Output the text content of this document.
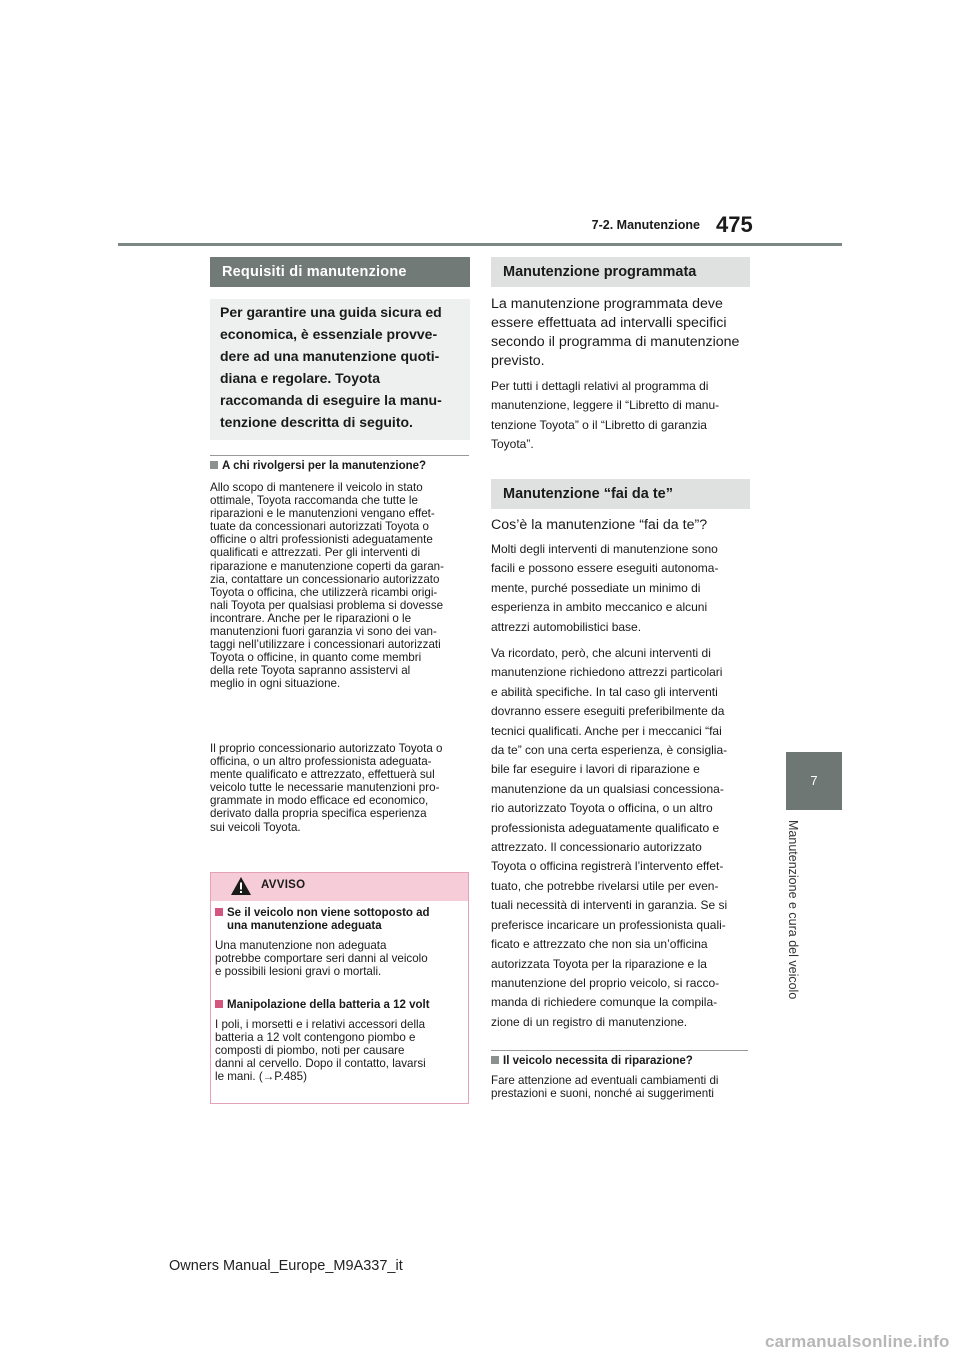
7-2. Manutenzione 475
7
Manutenzione e cura del veicolo
Requisiti di manutenzione

Per garantire una guida sicura ed

economica, è essenziale provve-

dere ad una manutenzione quoti-

diana e regolare. Toyota

raccomanda di eseguire la manu-

tenzione descritta di seguito.

A chi rivolgersi per la manutenzione?
Allo scopo di mantenere il veicolo in stato
ottimale, Toyota raccomanda che tutte le
riparazioni e le manutenzioni vengano effet-
tuate da concessionari autorizzati Toyota o
officine o altri professionisti adeguatamente
qualificati e attrezzati. Per gli interventi di
riparazione e manutenzione coperti da garan-
zia, contattare un concessionario autorizzato
Toyota o officina, che utilizzerà ricambi origi-
nali Toyota per qualsiasi problema si dovesse
incontrare. Anche per le riparazioni o le
manutenzioni fuori garanzia vi sono dei van-
taggi nell’utilizzare i concessionari autorizzati
Toyota o officine, in quanto come membri
della rete Toyota sapranno assistervi al
meglio in ogni situazione.
Il proprio concessionario autorizzato Toyota o
officina, o un altro professionista adeguata-
mente qualificato e attrezzato, effettuerà sul
veicolo tutte le necessarie manutenzioni pro-
grammate in modo efficace ed economico,
derivato dalla propria specifica esperienza
sui veicoli Toyota.
AVVISO
Se il veicolo non viene sottoposto ad
una manutenzione adeguata
Una manutenzione non adeguata
potrebbe comportare seri danni al veicolo
e possibili lesioni gravi o mortali.
Manipolazione della batteria a 12 volt
I poli, i morsetti e i relativi accessori della
batteria a 12 volt contengono piombo e
composti di piombo, noti per causare
danni al cervello. Dopo il contatto, lavarsi
le mani. (→P.485)
Manutenzione programmata
La manutenzione programmata deve
essere effettuata ad intervalli specifici
secondo il programma di manutenzione
previsto.
Per tutti i dettagli relativi al programma di
manutenzione, leggere il “Libretto di manu-
tenzione Toyota” o il “Libretto di garanzia
Toyota”.
Manutenzione “fai da te”
Cos’è la manutenzione “fai da te”?
Molti degli interventi di manutenzione sono
facili e possono essere eseguiti autonoma-
mente, purché possediate un minimo di
esperienza in ambito meccanico e alcuni
attrezzi automobilistici base.
Va ricordato, però, che alcuni interventi di
manutenzione richiedono attrezzi particolari
e abilità specifiche. In tal caso gli interventi
dovranno essere eseguiti preferibilmente da
tecnici qualificati. Anche per i meccanici “fai
da te” con una certa esperienza, è consiglia-
bile far eseguire i lavori di riparazione e
manutenzione da un qualsiasi concessiona-
rio autorizzato Toyota o officina, o un altro
professionista adeguatamente qualificato e
attrezzato. Il concessionario autorizzato
Toyota o officina registrerà l’intervento effet-
tuato, che potrebbe rivelarsi utile per even-
tuali necessità di interventi in garanzia. Se si
preferisce incaricare un professionista quali-
ficato e attrezzato che non sia un’officina
autorizzata Toyota per la riparazione e la
manutenzione del proprio veicolo, si racco-
manda di richiedere comunque la compila-
zione di un registro di manutenzione.
Il veicolo necessita di riparazione?
Fare attenzione ad eventuali cambiamenti di
prestazioni e suoni, nonché ai suggerimenti
Owners Manual_Europe_M9A337_it
carmanualsonline.info
